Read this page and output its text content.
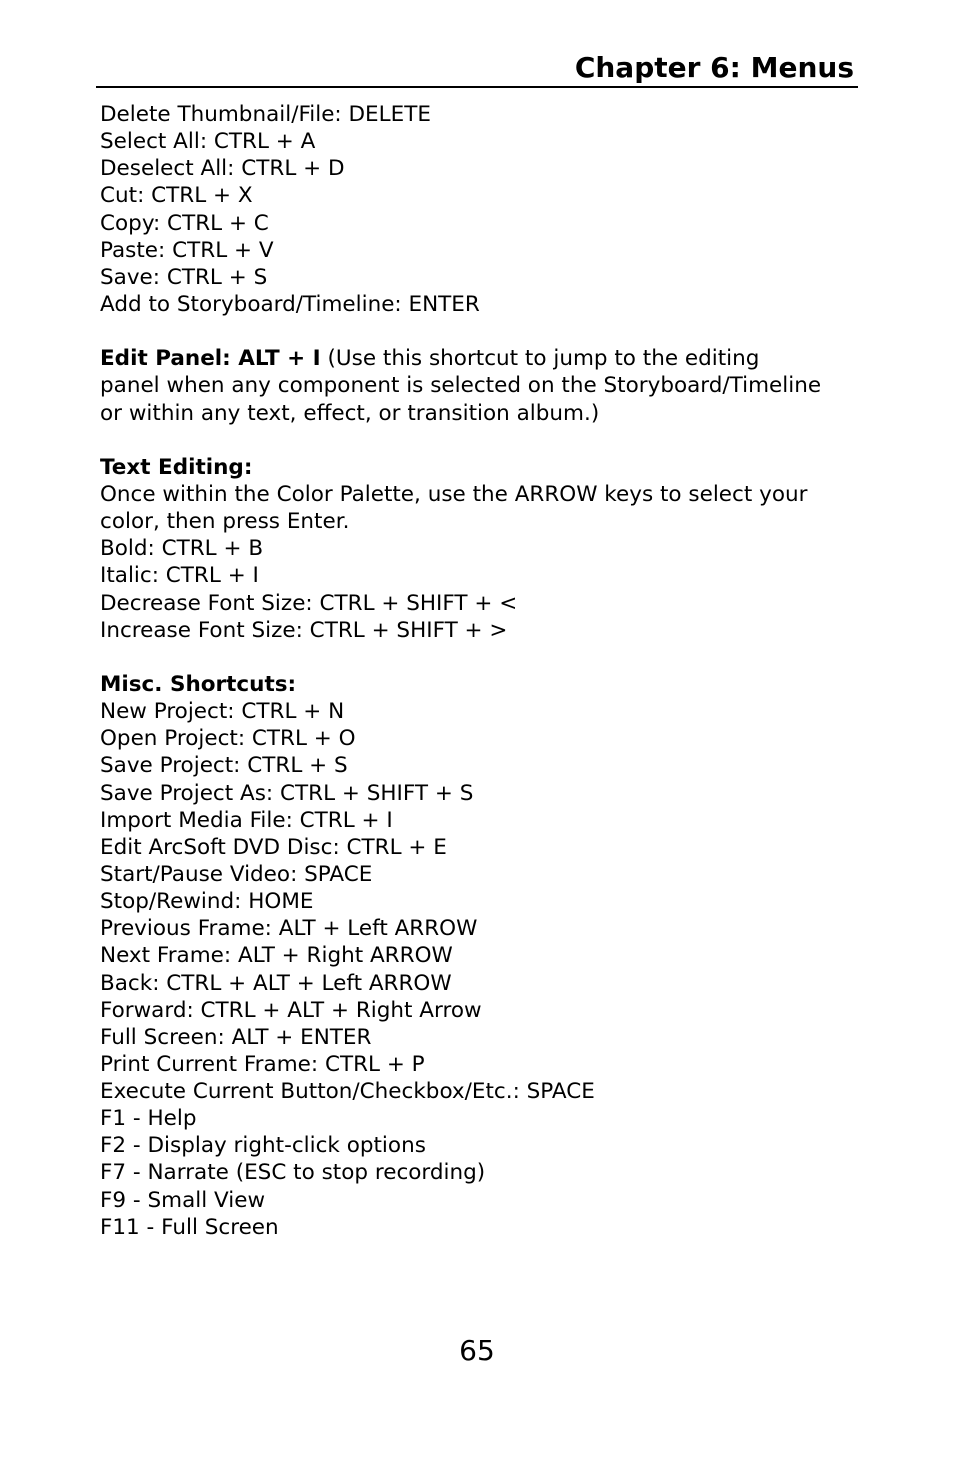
Chapter 6: Menus
Delete Thumbnail/File: DELETE
Select All: CTRL + A
Deselect All: CTRL + D
Cut: CTRL + X
Copy: CTRL + C
Paste: CTRL + V
Save: CTRL + S
Add to Storyboard/Timeline: ENTER
Edit Panel: ALT + I (Use this shortcut to jump to the editing
panel when any component is selected on the Storyboard/Timeline
or within any text, effect, or transition album.)
Text Editing:
Once within the Color Palette, use the ARROW keys to select your
color, then press Enter.
Bold: CTRL + B
Italic: CTRL + I
Decrease Font Size: CTRL + SHIFT + <
Increase Font Size: CTRL + SHIFT + >
Misc. Shortcuts:
New Project: CTRL + N
Open Project: CTRL + O
Save Project: CTRL + S
Save Project As: CTRL + SHIFT + S
Import Media File: CTRL + I
Edit ArcSoft DVD Disc: CTRL + E
Start/Pause Video: SPACE
Stop/Rewind: HOME
Previous Frame: ALT + Left ARROW
Next Frame: ALT + Right ARROW
Back: CTRL + ALT + Left ARROW
Forward: CTRL + ALT + Right Arrow
Full Screen: ALT + ENTER
Print Current Frame: CTRL + P
Execute Current Button/Checkbox/Etc.: SPACE
F1 - Help
F2 - Display right-click options
F7 - Narrate (ESC to stop recording)
F9 - Small View
F11 - Full Screen
65
